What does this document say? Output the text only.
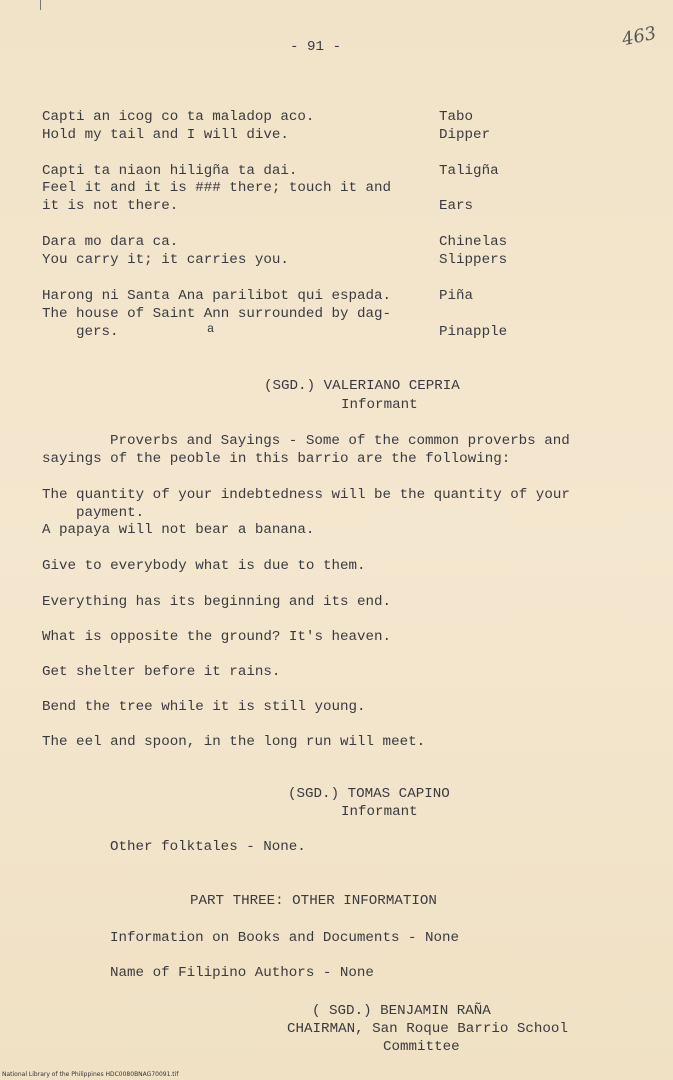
- 91 -	463
Capti an icog co ta maladop aco.
Hold my tail and I will dive.
Tabo
Dipper
Capti ta niaon hiligña ta dai.
Feel it and it is ### there; touch it and
it is not there.
Taligña
Ears
Dara mo dara ca.
You carry it; it carries you.
Chinelas
Slippers
Harong ni Santa Ana parilibot qui espada.
The house of Saint Ann surrounded by dag-
gers.	a
Piña
Pinapple
(SGD.) VALERIANO CEPRIA
Informant
Proverbs and Sayings - Some of the common proverbs and
sayings of the peoble in this barrio are the following:
The quantity of your indebtedness will be the quantity of your
payment.
A papaya will not bear a banana.
Give to everybody what is due to them.
Everything has its beginning and its end.
What is opposite the ground? It's heaven.
Get shelter before it rains.
Bend the tree while it is still young.
The eel and spoon, in the long run will meet.
(SGD.) TOMAS CAPINO
Informant
Other folktales - None.
PART THREE: OTHER INFORMATION
Information on Books and Documents - None
Name of Filipino Authors - None
( SGD.) BENJAMIN RAÑA
CHAIRMAN, San Roque Barrio School
Committee
National Library of the Philippines HDC0080BNAG70091.tif
